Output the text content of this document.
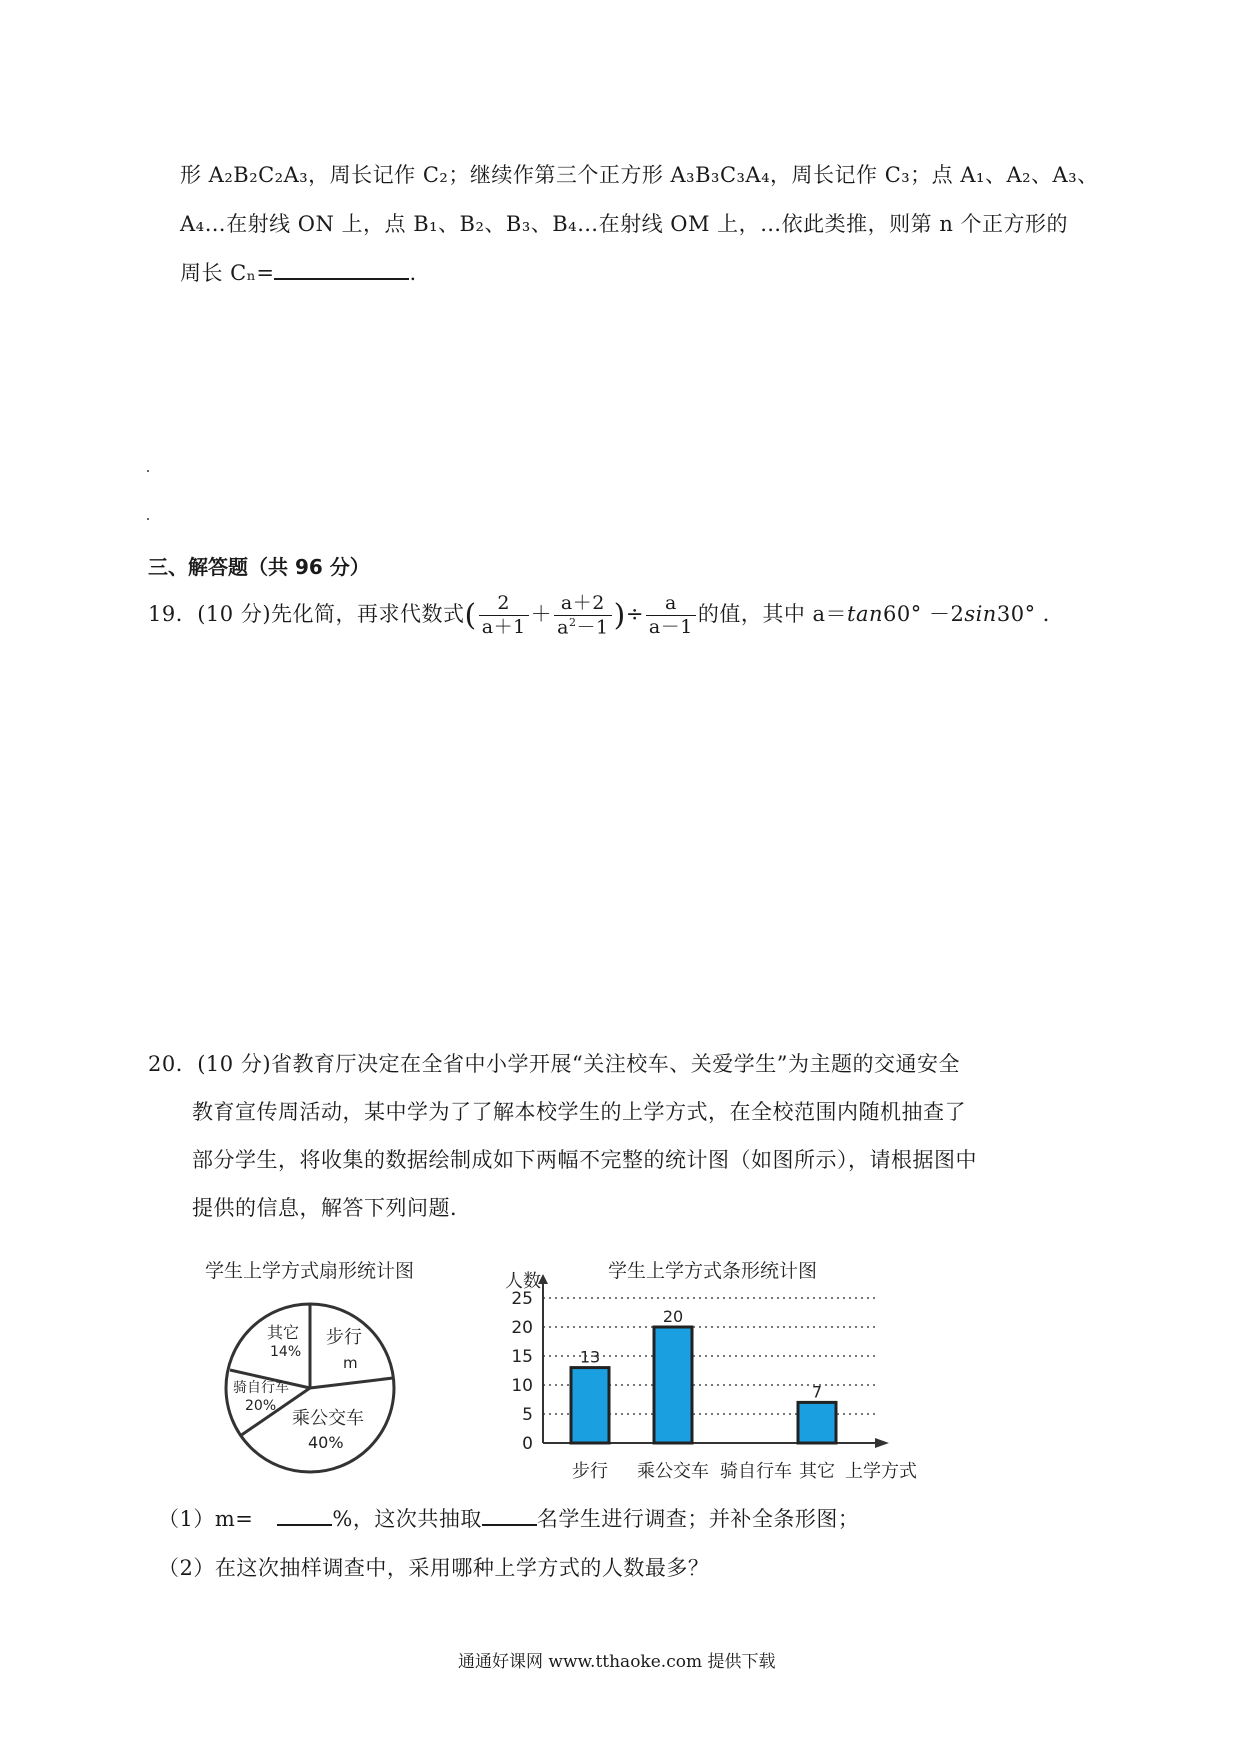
形 A₂B₂C₂A₃，周长记作 C₂；继续作第三个正方形 A₃B₃C₃A₄，周长记作 C₃；点 A₁、A₂、A₃、
A₄…在射线 ON 上，点 B₁、B₂、B₃、B₄…在射线 OM 上，…依此类推，则第 n 个正方形的
周长 Cₙ=	.
三、解答题（共 96 分）
19．(10 分)先化简，再求代数式( $\frac{2}{a+1} + \frac{a+2}{a^2-1}$ )÷ $\frac{a}{a-1}$ 的值，其中 a＝tan60° －2sin30° ．
20．(10 分)省教育厅决定在全省中小学开展“关注校车、关爱学生”为主题的交通安全
教育宣传周活动，某中学为了了解本校学生的上学方式，在全校范围内随机抽查了
部分学生，将收集的数据绘制成如下两幅不完整的统计图（如图所示），请根据图中
提供的信息，解答下列问题．
学生上学方式扇形统计图
步行
m
其它
14%
骑自行车
20%
乘公交车
40%
学生上学方式条形统计图
人数
上学方式
0
5
10
15
20
25
13
步行
20
乘公交车 骑自行车
7
其它
（1）m=	%，这次共抽取	名学生进行调查；并补全条形图；
（2）在这次抽样调查中，采用哪种上学方式的人数最多？
通通好课网 www.tthaoke.com 提供下载
